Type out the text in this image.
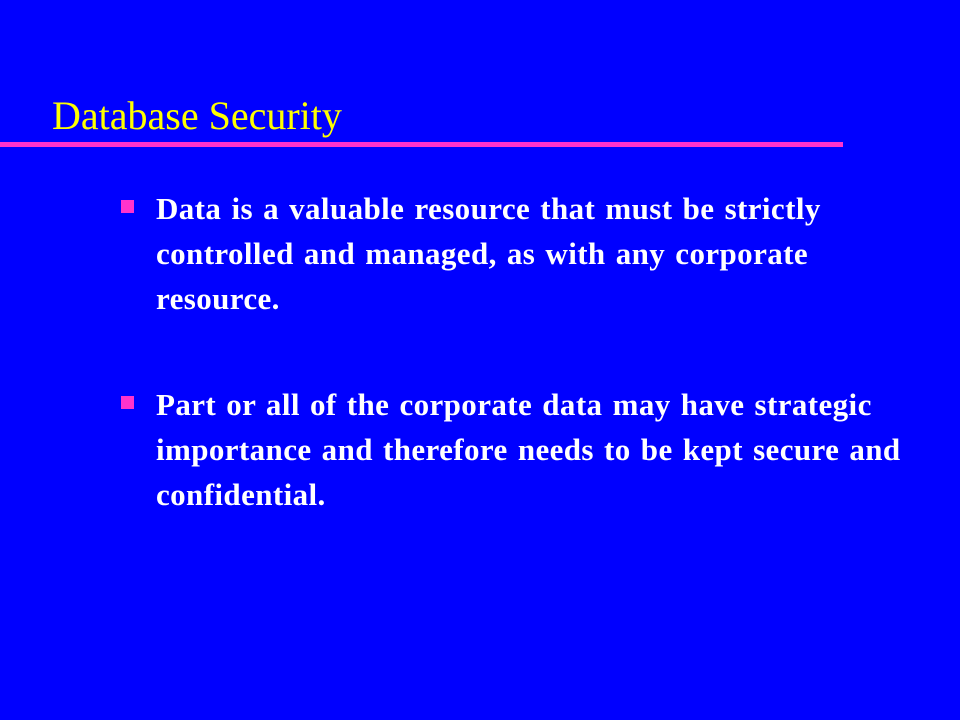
Database Security
Data is a valuable resource that must be strictly controlled and managed, as with any corporate resource.
Part or all of the corporate data may have strategic importance and therefore needs to be kept secure and confidential.
